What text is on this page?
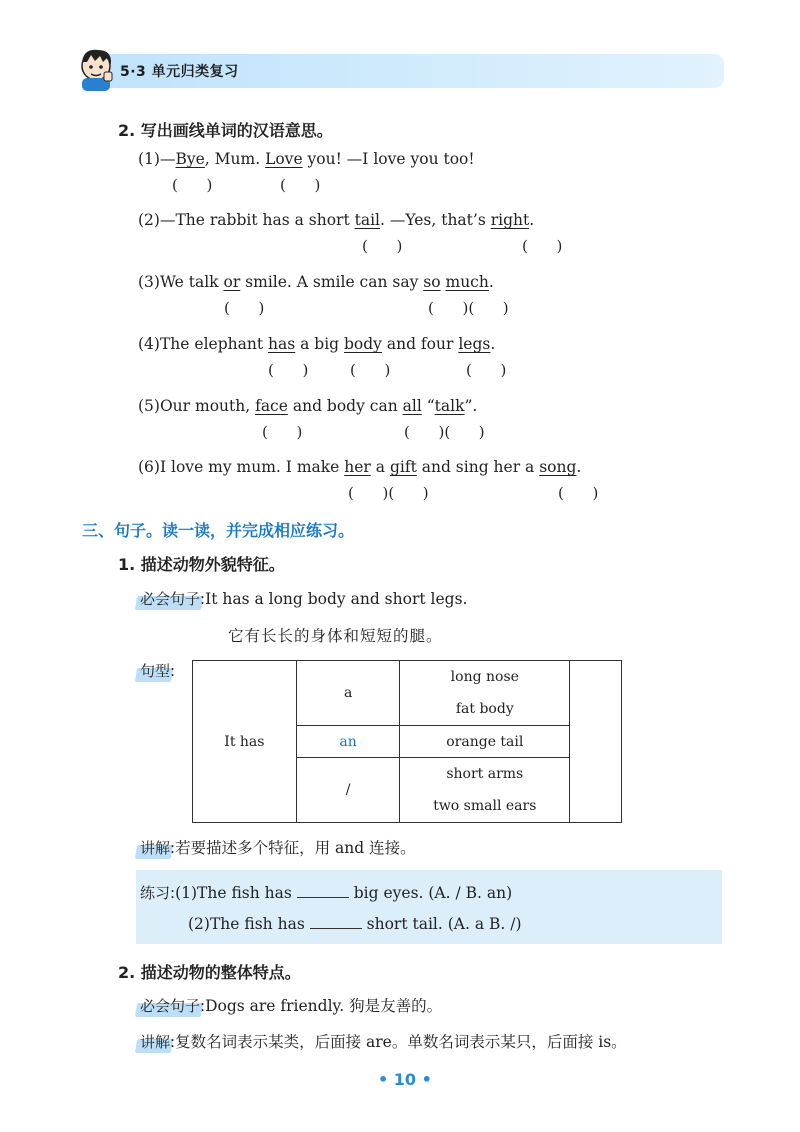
5·3 单元归类复习
2. 写出画线单词的汉语意思。
(1)—Bye, Mum. Love you! —I love you too!
(      )	(      )
(2)—The rabbit has a short tail. —Yes, that’s right.
(      )	(      )
(3)We talk or smile. A smile can say so much.
(      )	(      )(      )
(4)The elephant has a big body and four legs.
(      )	(      )	(      )
(5)Our mouth, face and body can all “talk”.
(      )	(      )(      )
(6)I love my mum. I make her a gift and sing her a song.
(      )(      )	(      )
三、句子。读一读，并完成相应练习。
1. 描述动物外貌特征。
必会句子:It has a long body and short legs.
它有长长的身体和短短的腿。
句型:
It has	a	long nose
fat body	

	an	orange tail	
	/	short arms
two small ears	
讲解:若要描述多个特征，用 and 连接。
练习:(1)The fish has	big eyes. (A. / B. an)
(2)The fish has	short tail. (A. a B. /)
2. 描述动物的整体特点。
必会句子:Dogs are friendly. 狗是友善的。
讲解:复数名词表示某类，后面接 are。单数名词表示某只，后面接 is。
• 10 •
